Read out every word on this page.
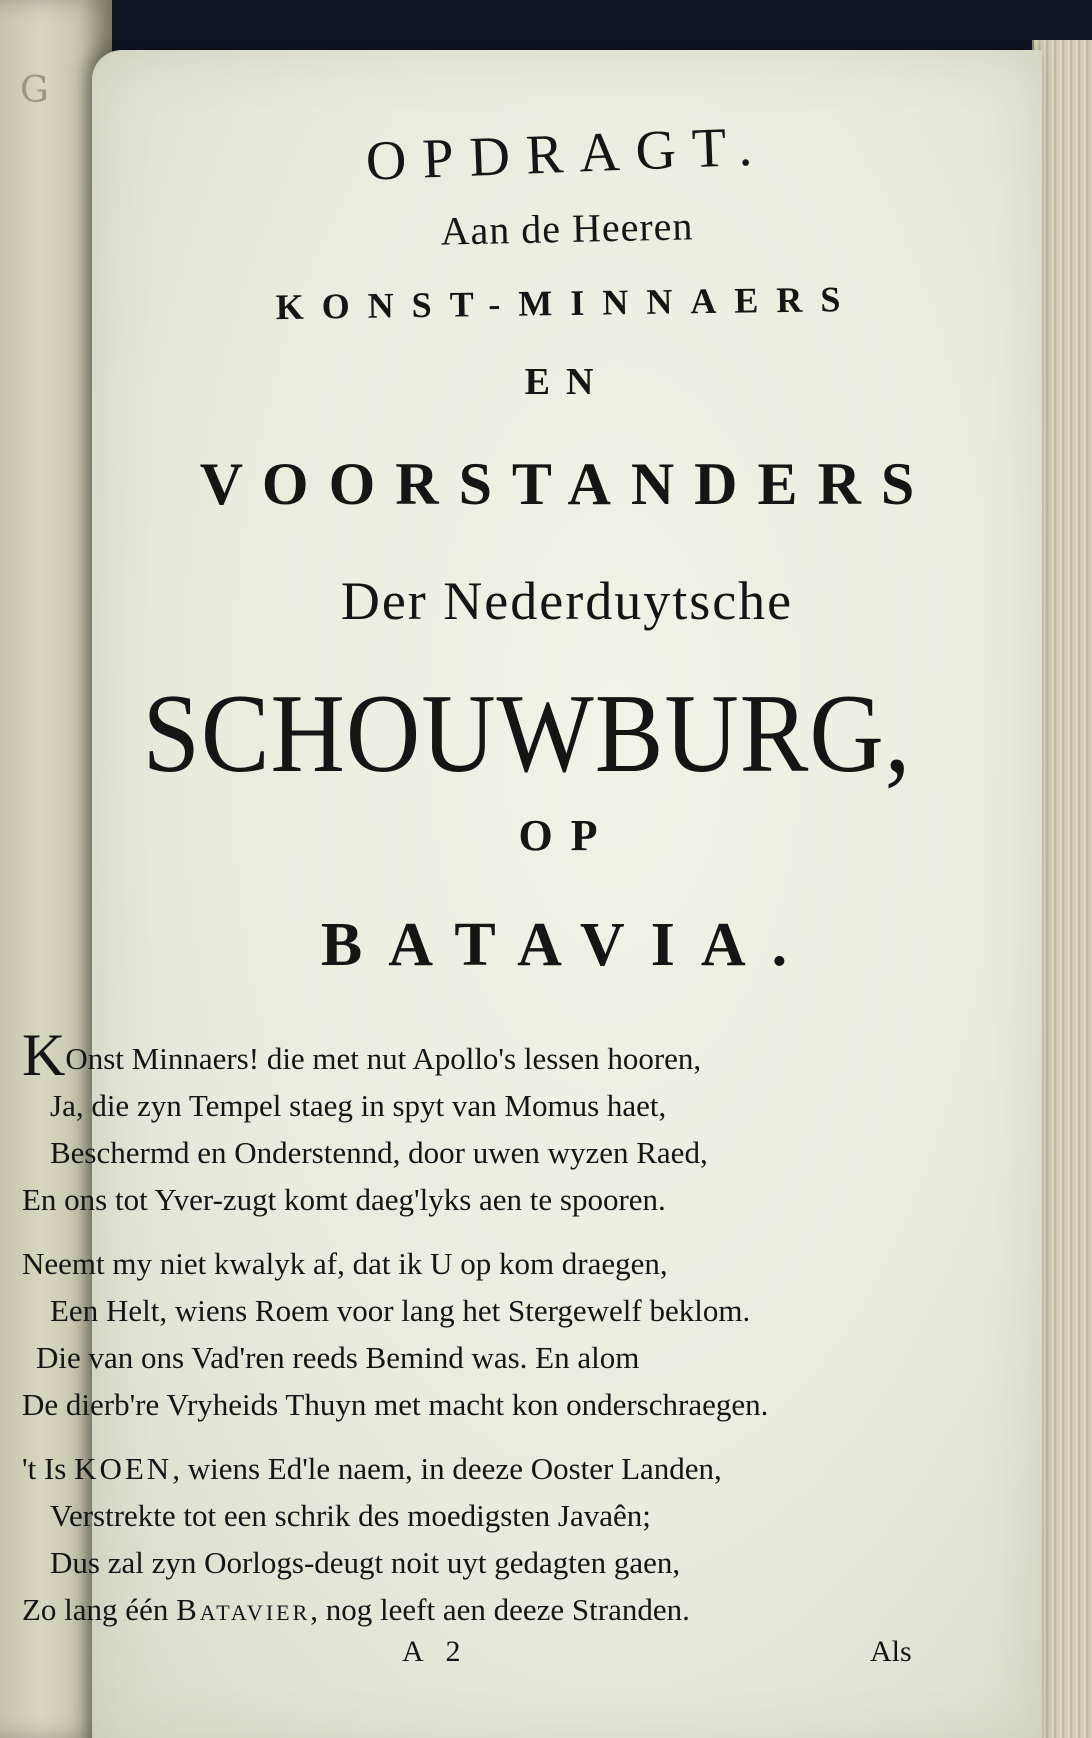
G
OPDRAGT.
Aan de Heeren
KONST-MINNAERS
EN
VOORSTANDERS
Der Nederduytsche
SCHOUWBURG,
OP
BATAVIA.
KOnst Minnaers! die met nut Apollo's lessen hooren,
Ja, die zyn Tempel staeg in spyt van Momus haet,
Beschermd en Onderstennd, door uwen wyzen Raed,
En ons tot Yver-zugt komt daeg'lyks aen te spooren.
Neemt my niet kwalyk af, dat ik U op kom draegen,
Een Helt, wiens Roem voor lang het Stergewelf beklom.
Die van ons Vad'ren reeds Bemind was. En alom
De dierb're Vryheids Thuyn met macht kon onderschraegen.
't Is KOEN, wiens Ed'le naem, in deeze Ooster Landen,
Verstrekte tot een schrik des moedigsten Javaên;
Dus zal zyn Oorlogs-deugt noit uyt gedagten gaen,
Zo lang één Batavier, nog leeft aen deeze Stranden.
A 2	Als
